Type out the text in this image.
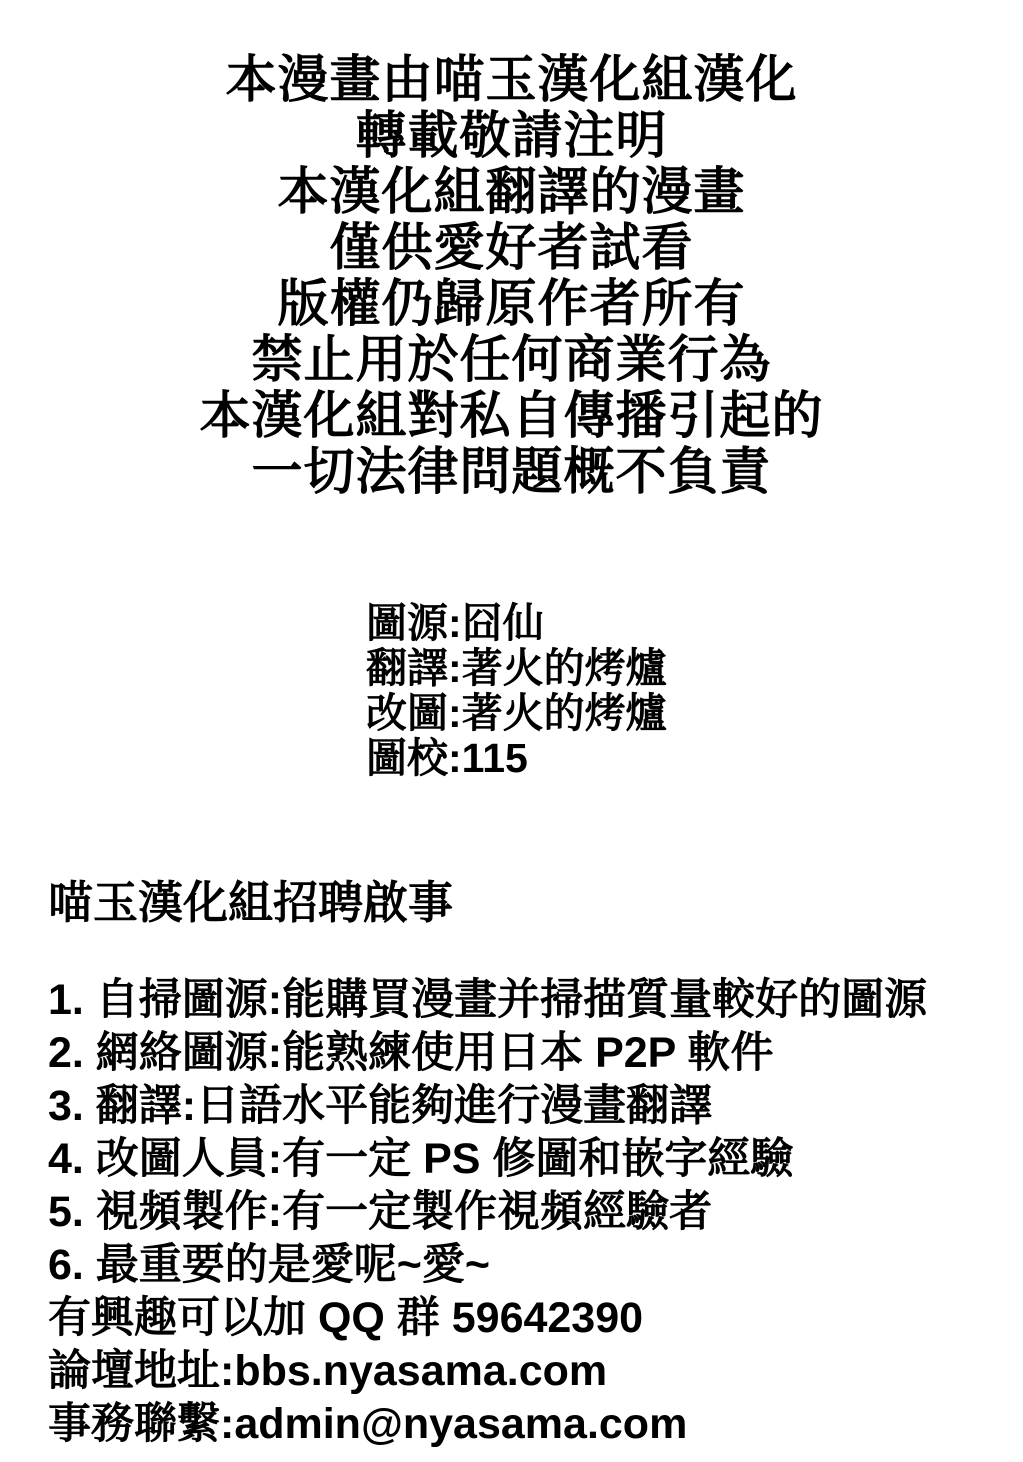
本漫畫由喵玉漢化組漢化
轉載敬請注明
本漢化組翻譯的漫畫
僅供愛好者試看
版權仍歸原作者所有
禁止用於任何商業行為
本漢化組對私自傳播引起的
一切法律問題概不負責
圖源:囧仙
翻譯:著火的烤爐
改圖:著火的烤爐
圖校:115
喵玉漢化組招聘啟事
1. 自掃圖源:能購買漫畫并掃描質量較好的圖源
2. 網絡圖源:能熟練使用日本 P2P 軟件
3. 翻譯:日語水平能夠進行漫畫翻譯
4. 改圖人員:有一定 PS 修圖和嵌字經驗
5. 視頻製作:有一定製作視頻經驗者
6. 最重要的是愛呢~愛~
有興趣可以加 QQ 群 59642390
論壇地址:bbs.nyasama.com
事務聯繫:admin@nyasama.com
